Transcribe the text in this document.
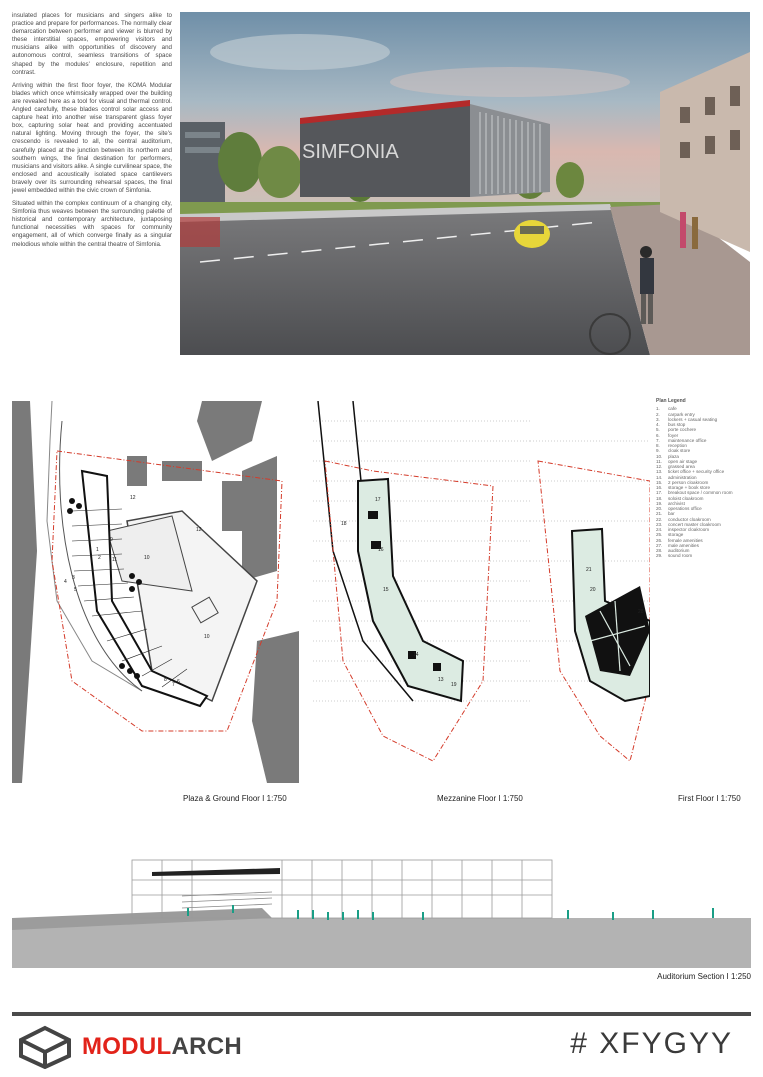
insulated places for musicians and singers alike to practice and prepare for performances. The normally clear demarcation between performer and viewer is blurred by these interstitial spaces, empowering visitors and musicians alike with opportunities of discovery and autonomous control, seamless transitions of space shaped by the modules' enclosure, repetition and contrast.

Arriving within the first floor foyer, the KOMA Modular blades which once whimsically wrapped over the building are revealed here as a tool for visual and thermal control. Angled carefully, these blades control solar access and capture heat into another wise transparent glass foyer box, capturing solar heat and providing accentuated natural lighting. Moving through the foyer, the site's crescendo is revealed to all, the central auditorium, carefully placed at the junction between its northern and southern wings, the final destination for performers, musicians and visitors alike. A single curvilinear space, the enclosed and acoustically isolated space cantilevers bravely over its surrounding rehearsal spaces, the final jewel embedded within the civic crown of Simfonia.

Situated within the complex continuum of a changing city, Simfonia thus weaves between the surrounding palette of historical and contemporary architecture, juxtaposing functional necessities with spaces for community engagement, all of which converge finally as a singular melodious whole within the central theatre of Simfonia.

SIMFONIA
12
12
10
10
11
3
4
5
1
2
7
8
9
6
18
17
16
15
14
13
19
28
21
20
Plan Legend
1.	cafe
2.	carpark entry
3.	lockers + casual seating
4.	bus stop
5.	porte cochere
6.	foyer
7.	maintenance office
8.	reception
9.	cloak store
10.	plaza
11.	open air stage
12.	grassed area
13.	ticket office + security office
14.	administration
15.	2 person cloakroom
16.	storage + book store
17.	breakout space / common room
18.	soloist cloakroom
19.	archivist
20.	operations office
21.	bar
22.	conductor cloakroom
23.	concert master cloakroom
24.	inspector cloakroom
25.	storage
26.	female amenities
27.	male amenities
28.	auditorium
29.	sound room
Plaza & Ground Floor I 1:750	Mezzanine Floor I 1:750	First Floor I 1:750
Auditorium Section I 1:250
MODULARCH	# XFYGYY
